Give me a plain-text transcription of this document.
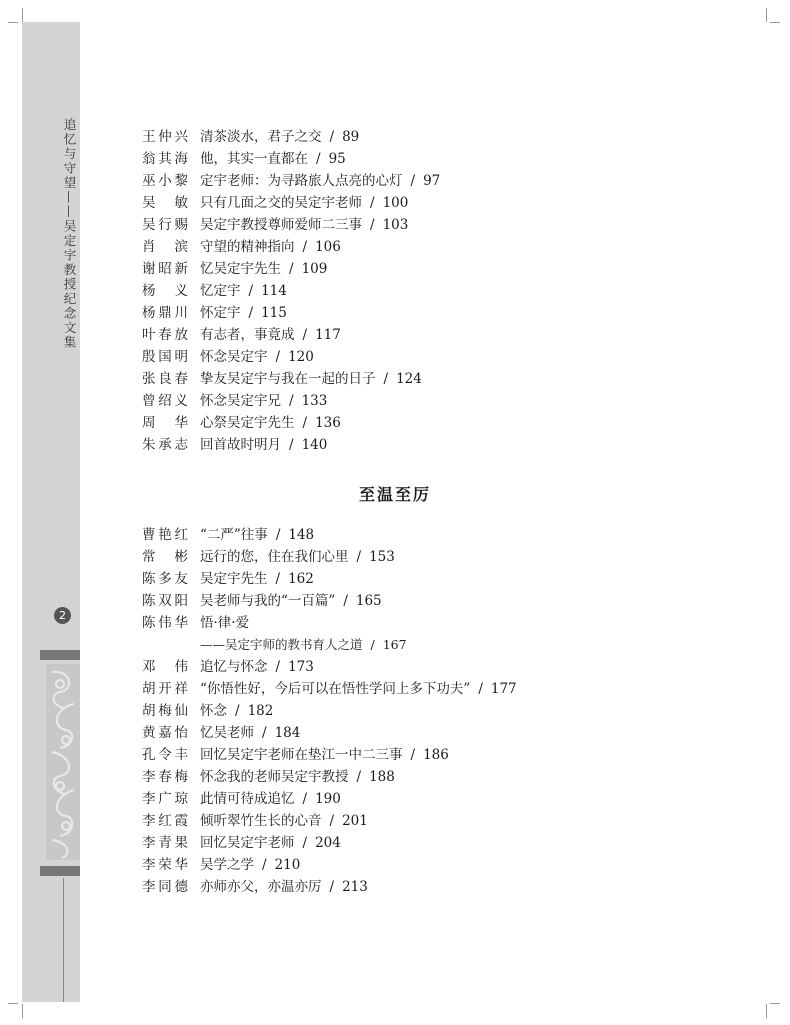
追忆与守望——吴定宇教授纪念文集
2
王仲兴 清茶淡水，君子之交 / 89
翁其海 他，其实一直都在 / 95
巫小黎 定宇老师：为寻路旅人点亮的心灯 / 97
吴　敏 只有几面之交的吴定宇老师 / 100
吴行赐 吴定宇教授尊师爱师二三事 / 103
肖　滨 守望的精神指向 / 106
谢昭新 忆吴定宇先生 / 109
杨　义 忆定宇 / 114
杨鼎川 怀定宇 / 115
叶春放 有志者，事竟成 / 117
殷国明 怀念吴定宇 / 120
张良春 挚友吴定宇与我在一起的日子 / 124
曾绍义 怀念吴定宇兄 / 133
周　华 心祭吴定宇先生 / 136
朱承志 回首故时明月 / 140
至温至厉
曹艳红 “二严”往事 / 148
常　彬 远行的您，住在我们心里 / 153
陈多友 吴定宇先生 / 162
陈双阳 吴老师与我的“一百篇” / 165
陈伟华 悟·律·爱
——吴定宇师的教书育人之道 / 167
邓　伟 追忆与怀念 / 173
胡开祥 “你悟性好，今后可以在悟性学问上多下功夫” / 177
胡梅仙 怀念 / 182
黄嘉怡 忆吴老师 / 184
孔令丰 回忆吴定宇老师在垫江一中二三事 / 186
李春梅 怀念我的老师吴定宇教授 / 188
李广琼 此情可待成追忆 / 190
李红霞 倾听翠竹生长的心音 / 201
李青果 回忆吴定宇老师 / 204
李荣华 吴学之学 / 210
李同德 亦师亦父，亦温亦厉 / 213
